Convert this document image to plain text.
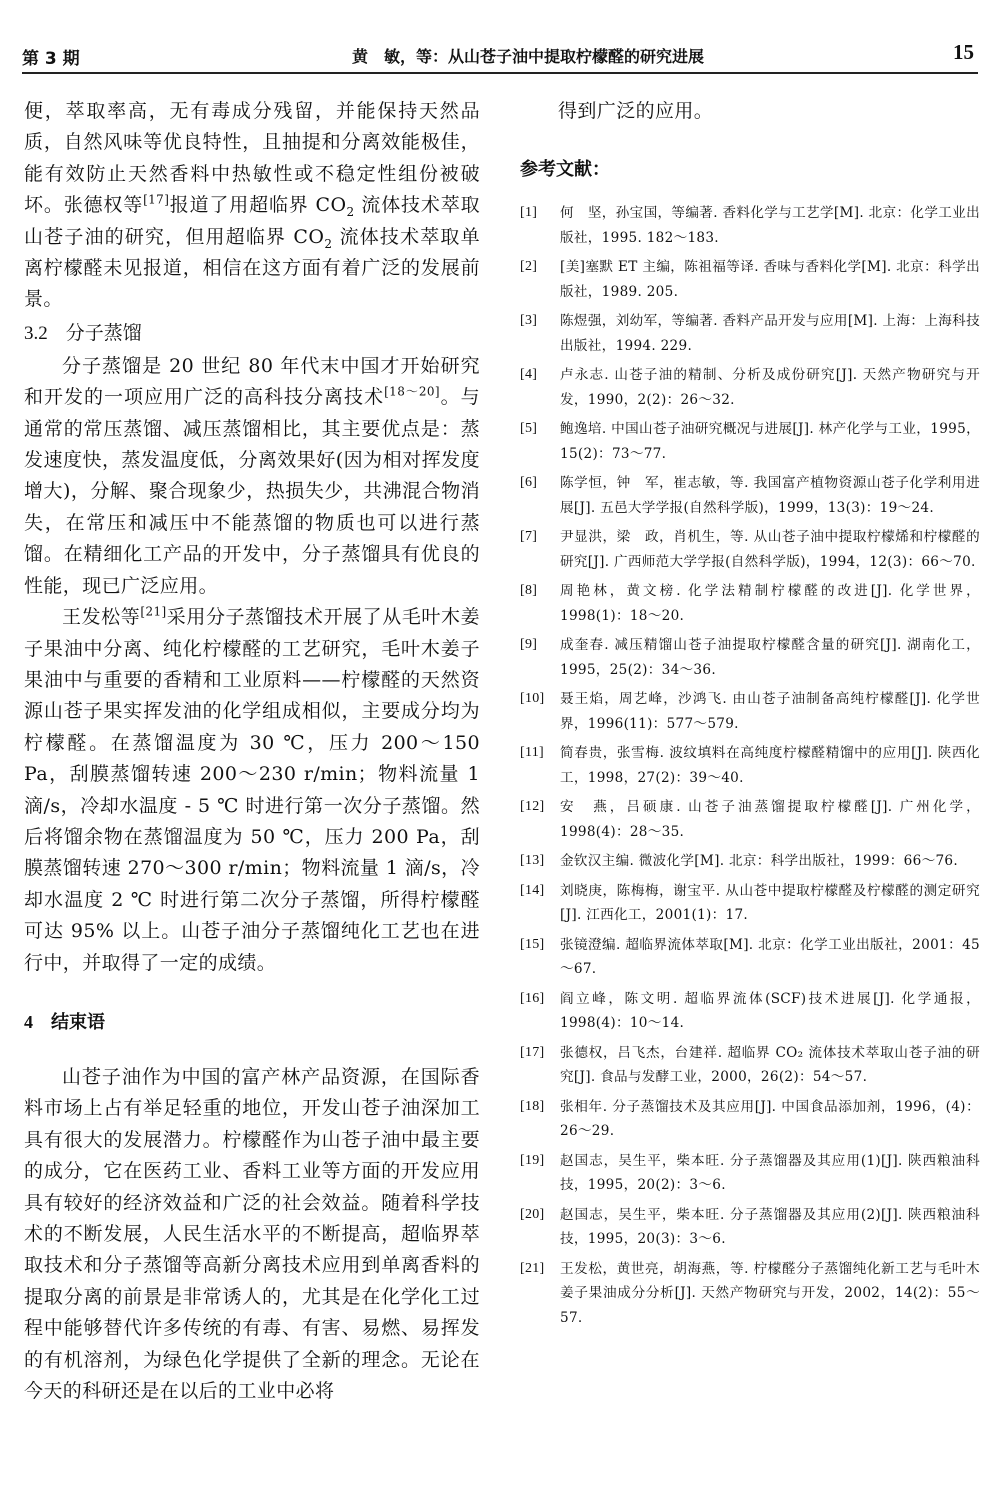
第 3 期	黄　敏，等：从山苍子油中提取柠檬醛的研究进展	15

便，萃取率高，无有毒成分残留，并能保持天然品质，自然风味等优良特性，且抽提和分离效能极佳，能有效防止天然香料中热敏性或不稳定性组份被破坏。张德权等[17]报道了用超临界 $CO_2$ 流体技术萃取山苍子油的研究，但用超临界 $CO_2$ 流体技术萃取单离柠檬醛未见报道，相信在这方面有着广泛的发展前景。

3.2 分子蒸馏

分子蒸馏是 20 世纪 80 年代末中国才开始研究和开发的一项应用广泛的高科技分离技术[18～20]。与通常的常压蒸馏、减压蒸馏相比，其主要优点是：蒸发速度快，蒸发温度低，分离效果好(因为相对挥发度增大)，分解、聚合现象少，热损失少，共沸混合物消失，在常压和减压中不能蒸馏的物质也可以进行蒸馏。在精细化工产品的开发中，分子蒸馏具有优良的性能，现已广泛应用。

王发松等[21]采用分子蒸馏技术开展了从毛叶木姜子果油中分离、纯化柠檬醛的工艺研究，毛叶木姜子果油中与重要的香精和工业原料——柠檬醛的天然资源山苍子果实挥发油的化学组成相似，主要成分均为柠檬醛。在蒸馏温度为 30 ℃，压力 200～150 Pa，刮膜蒸馏转速 200～230 r/min；物料流量 1 滴/s，冷却水温度 - 5 ℃ 时进行第一次分子蒸馏。然后将馏余物在蒸馏温度为 50 ℃，压力 200 Pa，刮膜蒸馏转速 270～300 r/min；物料流量 1 滴/s，冷却水温度 2 ℃ 时进行第二次分子蒸馏，所得柠檬醛可达 95% 以上。山苍子油分子蒸馏纯化工艺也在进行中，并取得了一定的成绩。

4 结束语

山苍子油作为中国的富产林产品资源，在国际香料市场上占有举足轻重的地位，开发山苍子油深加工具有很大的发展潜力。柠檬醛作为山苍子油中最主要的成分，它在医药工业、香料工业等方面的开发应用具有较好的经济效益和广泛的社会效益。随着科学技术的不断发展，人民生活水平的不断提高，超临界萃取技术和分子蒸馏等高新分离技术应用到单离香料的提取分离的前景是非常诱人的，尤其是在化学化工过程中能够替代许多传统的有毒、有害、易燃、易挥发的有机溶剂，为绿色化学提供了全新的理念。无论在今天的科研还是在以后的工业中必将

得到广泛的应用。

参考文献：
[1] 何　坚，孙宝国，等编著. 香料化学与工艺学[M]. 北京：化学工业出版社，1995. 182～183.
[2] [美]塞默 ET 主编，陈祖福等译. 香味与香料化学[M]. 北京：科学出版社，1989. 205.
[3] 陈煜强，刘幼军，等编著. 香料产品开发与应用[M]. 上海：上海科技出版社，1994. 229.
[4] 卢永志. 山苍子油的精制、分析及成份研究[J]. 天然产物研究与开发，1990，2(2)：26～32.
[5] 鲍逸培. 中国山苍子油研究概况与进展[J]. 林产化学与工业，1995，15(2)：73～77.
[6] 陈学恒，钟　军，崔志敏，等. 我国富产植物资源山苍子化学利用进展[J]. 五邑大学学报(自然科学版)，1999，13(3)：19～24.
[7] 尹显洪，梁　政，肖机生，等. 从山苍子油中提取柠檬烯和柠檬醛的研究[J]. 广西师范大学学报(自然科学版)，1994，12(3)：66～70.
[8] 周艳林，黄文榜. 化学法精制柠檬醛的改进[J]. 化学世界，1998(1)：18～20.
[9] 成奎春. 减压精馏山苍子油提取柠檬醛含量的研究[J]. 湖南化工，1995，25(2)：34～36.
[10] 聂王焰，周艺峰，沙鸿飞. 由山苍子油制备高纯柠檬醛[J]. 化学世界，1996(11)：577～579.
[11] 简春贵，张雪梅. 波纹填料在高纯度柠檬醛精馏中的应用[J]. 陕西化工，1998，27(2)：39～40.
[12] 安　燕，吕硕康. 山苍子油蒸馏提取柠檬醛[J]. 广州化学，1998(4)：28～35.
[13] 金钦汉主编. 微波化学[M]. 北京：科学出版社，1999：66～76.
[14] 刘晓庚，陈梅梅，谢宝平. 从山苍中提取柠檬醛及柠檬醛的测定研究[J]. 江西化工，2001(1)：17.
[15] 张镜澄编. 超临界流体萃取[M]. 北京：化学工业出版社，2001：45～67.
[16] 阎立峰，陈文明. 超临界流体(SCF)技术进展[J]. 化学通报，1998(4)：10～14.
[17] 张德权，吕飞杰，台建祥. 超临界 CO₂ 流体技术萃取山苍子油的研究[J]. 食品与发酵工业，2000，26(2)：54～57.
[18] 张相年. 分子蒸馏技术及其应用[J]. 中国食品添加剂，1996，(4)：26～29.
[19] 赵国志，吴生平，柴本旺. 分子蒸馏器及其应用(1)[J]. 陕西粮油科技，1995，20(2)：3～6.
[20] 赵国志，吴生平，柴本旺. 分子蒸馏器及其应用(2)[J]. 陕西粮油科技，1995，20(3)：3～6.
[21] 王发松，黄世亮，胡海燕，等. 柠檬醛分子蒸馏纯化新工艺与毛叶木姜子果油成分分析[J]. 天然产物研究与开发，2002，14(2)：55～57.
